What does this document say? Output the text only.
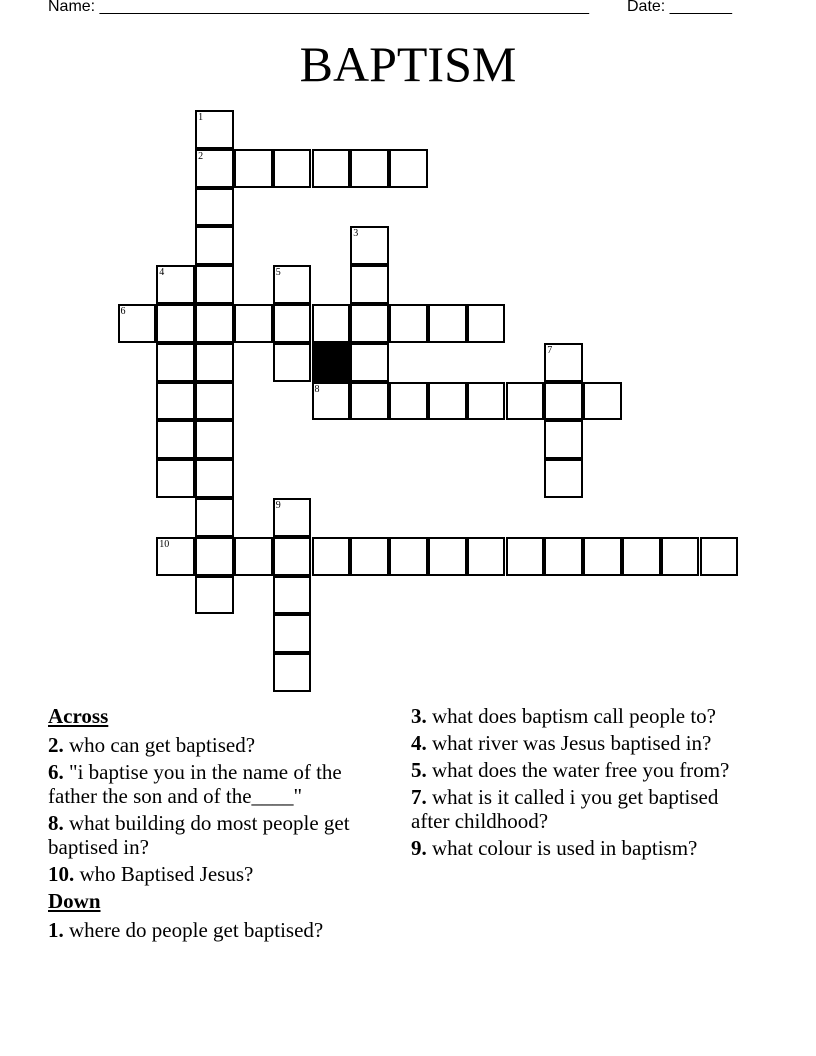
Name: _______________________________________________________ Date: _______
BAPTISM
1
2
3
4	5
6
7
8
9
10
Across
2. who can get baptised?
6. "i baptise you in the name of the father the son and of the____"
8. what building do most people get baptised in?
10. who Baptised Jesus?
Down
1. where do people get baptised?
3. what does baptism call people to?
4. what river was Jesus baptised in?
5. what does the water free you from?
7. what is it called i you get baptised after childhood?
9. what colour is used in baptism?
